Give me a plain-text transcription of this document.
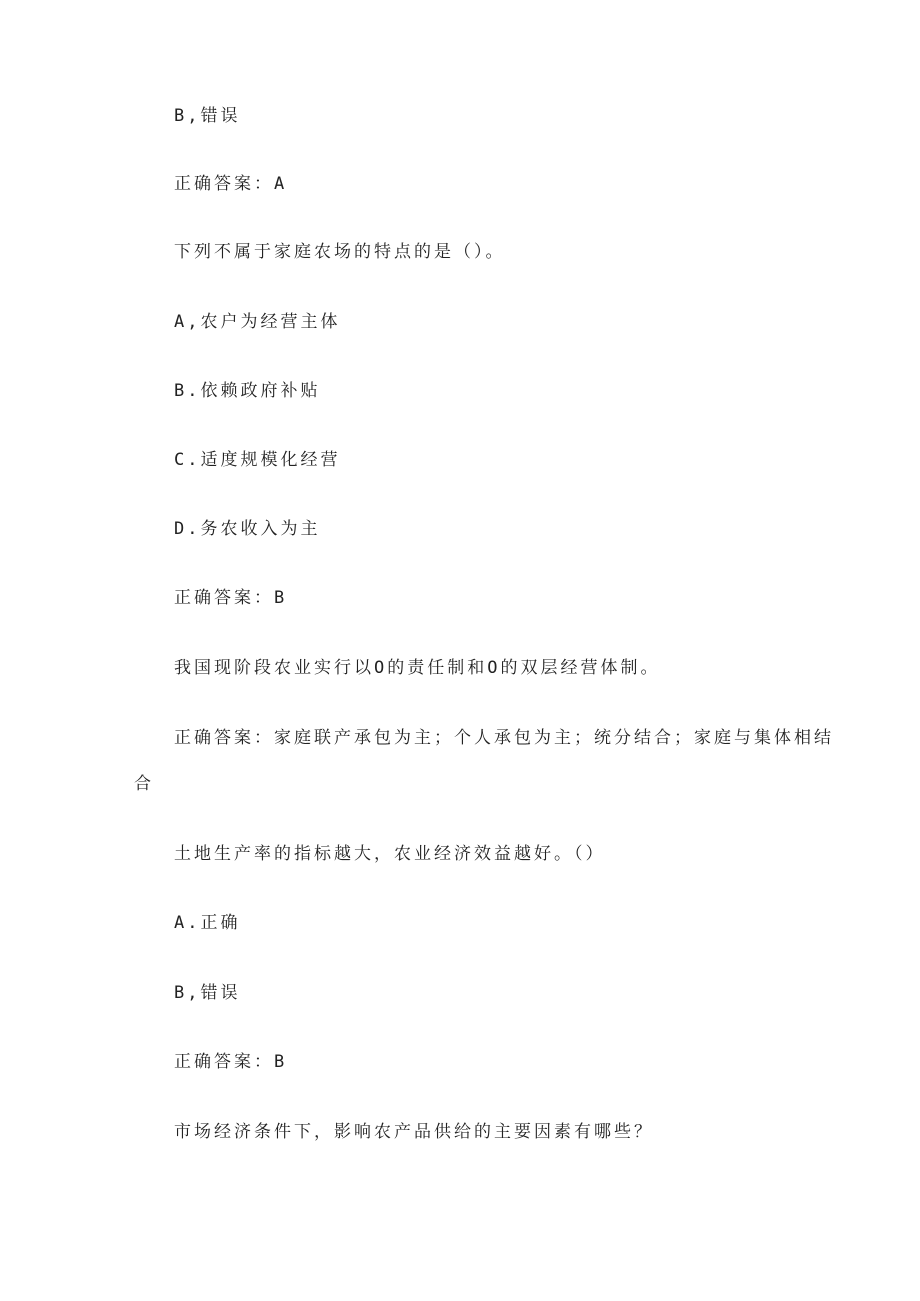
B,错误
正确答案：A
下列不属于家庭农场的特点的是（）。
A,农户为经营主体
B.依赖政府补贴
C.适度规模化经营
D.务农收入为主
正确答案：B
我国现阶段农业实行以O的责任制和O的双层经营体制。
正确答案：家庭联产承包为主；个人承包为主；统分结合；家庭与集体相结
合
土地生产率的指标越大，农业经济效益越好。（）
A.正确
B,错误
正确答案：B
市场经济条件下，影响农产品供给的主要因素有哪些？
